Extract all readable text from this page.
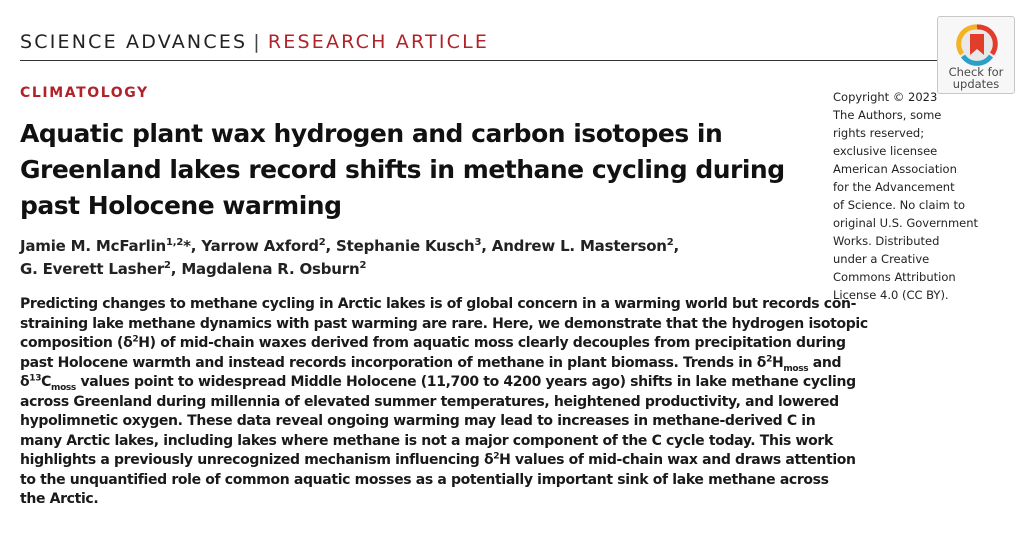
SCIENCE ADVANCES | RESEARCH ARTICLE
Check for
updates
CLIMATOLOGY
Aquatic plant wax hydrogen and carbon isotopes in
Greenland lakes record shifts in methane cycling during
past Holocene warming
Jamie M. McFarlin$^{1,2}$*, Yarrow Axford$^2$, Stephanie Kusch$^3$, Andrew L. Masterson$^2$,
G. Everett Lasher$^2$, Magdalena R. Osburn$^2$
Predicting changes to methane cycling in Arctic lakes is of global concern in a warming world but records con-
straining lake methane dynamics with past warming are rare. Here, we demonstrate that the hydrogen isotopic
composition $(\delta^2H)$ of mid-chain waxes derived from aquatic moss clearly decouples from precipitation during
past Holocene warmth and instead records incorporation of methane in plant biomass. Trends in $\delta^2H_{moss}$ and
$\delta^{13}C_{moss}$ values point to widespread Middle Holocene (11,700 to 4200 years ago) shifts in lake methane cycling
across Greenland during millennia of elevated summer temperatures, heightened productivity, and lowered
hypolimnetic oxygen. These data reveal ongoing warming may lead to increases in methane-derived C in
many Arctic lakes, including lakes where methane is not a major component of the C cycle today. This work
highlights a previously unrecognized mechanism influencing $\delta^2H$ values of mid-chain wax and draws attention
to the unquantified role of common aquatic mosses as a potentially important sink of lake methane across
the Arctic.
Copyright © 2023
The Authors, some
rights reserved;
exclusive licensee
American Association
for the Advancement
of Science. No claim to
original U.S. Government
Works. Distributed
under a Creative
Commons Attribution
License 4.0 (CC BY).
